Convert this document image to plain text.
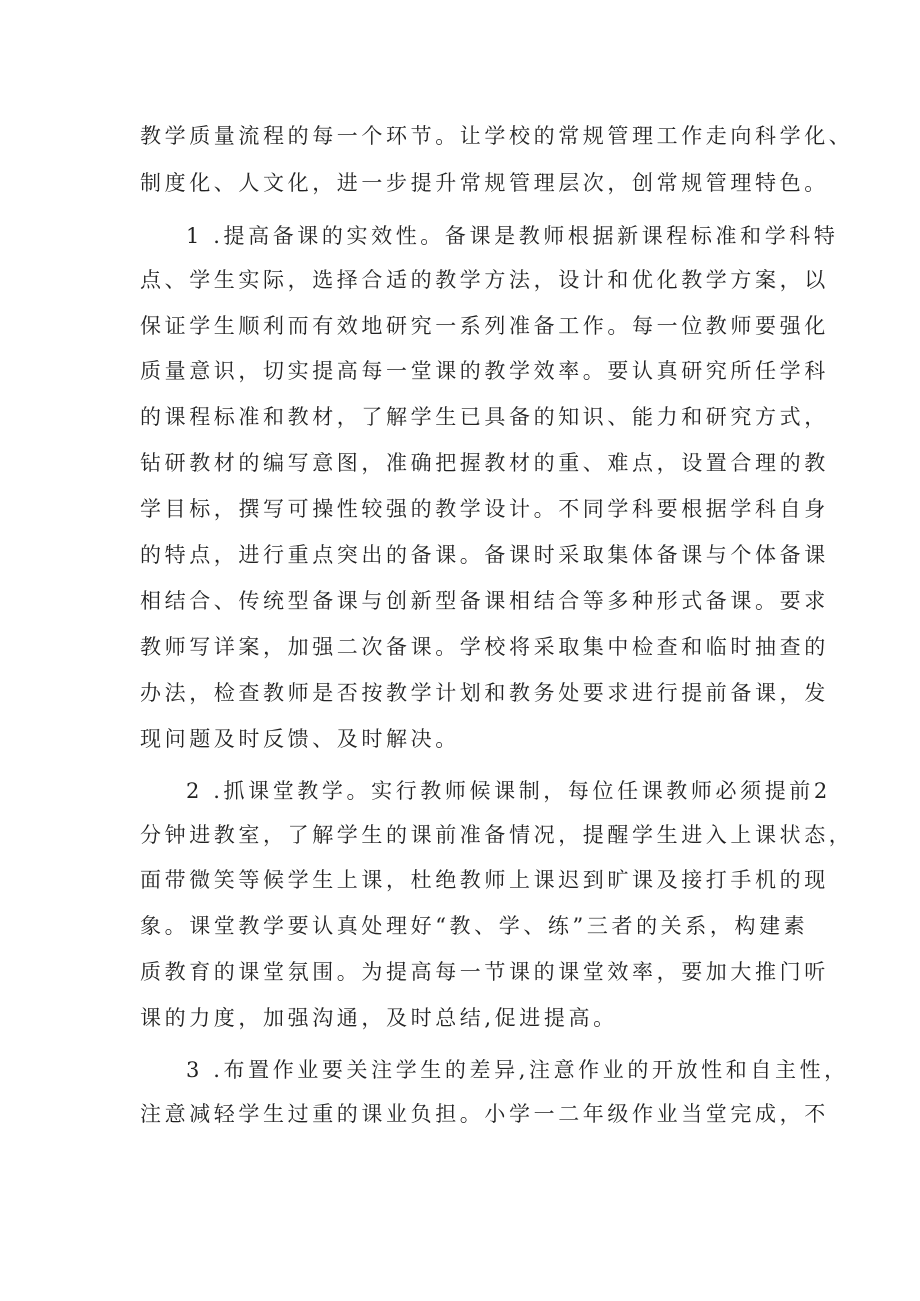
教学质量流程的每一个环节。让学校的常规管理工作走向科学化、
制度化、人文化，进一步提升常规管理层次，创常规管理特色。
1 .提高备课的实效性。备课是教师根据新课程标准和学科特
点、学生实际，选择合适的教学方法，设计和优化教学方案，以
保证学生顺利而有效地研究一系列准备工作。每一位教师要强化
质量意识，切实提高每一堂课的教学效率。要认真研究所任学科
的课程标准和教材，了解学生已具备的知识、能力和研究方式，
钻研教材的编写意图，准确把握教材的重、难点，设置合理的教
学目标，撰写可操性较强的教学设计。不同学科要根据学科自身
的特点，进行重点突出的备课。备课时采取集体备课与个体备课
相结合、传统型备课与创新型备课相结合等多种形式备课。要求
教师写详案，加强二次备课。学校将采取集中检查和临时抽查的
办法，检查教师是否按教学计划和教务处要求进行提前备课，发
现问题及时反馈、及时解决。
2 .抓课堂教学。实行教师候课制，每位任课教师必须提前2
分钟进教室，了解学生的课前准备情况，提醒学生进入上课状态，
面带微笑等候学生上课，杜绝教师上课迟到旷课及接打手机的现
象。课堂教学要认真处理好“教、学、练”三者的关系，构建素
质教育的课堂氛围。为提高每一节课的课堂效率，要加大推门听
课的力度，加强沟通，及时总结,促进提高。
3 .布置作业要关注学生的差异,注意作业的开放性和自主性，
注意减轻学生过重的课业负担。小学一二年级作业当堂完成，不
